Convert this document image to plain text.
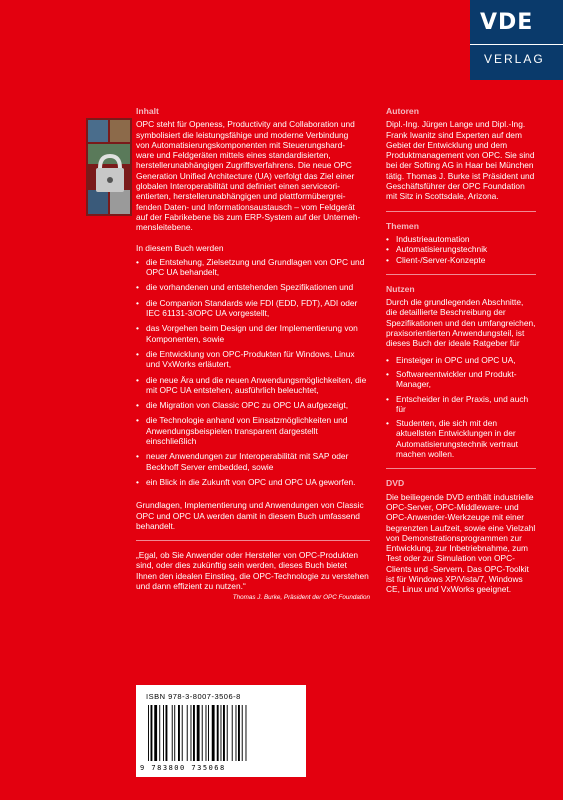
VDE
VERLAG
Inhalt

OPC steht für Openess, Productivity and Collaboration und

symbolisiert die leistungsfähige und moderne Verbindung

von Automatisierungskomponenten mit Steuerungshard-

ware und Feldgeräten mittels eines standardisierten,

herstellerunabhängigen Zugriffsverfahrens. Die neue OPC

Generation Unified Architecture (UA) verfolgt das Ziel einer

globalen Interoperabilität und definiert einen serviceori-

entierten, herstellerunabhängigen und plattformübergrei-

fenden Daten- und Informationsaustausch – vom Feldgerät

auf der Fabrikebene bis zum ERP-System auf der Unterneh-

mensleitebene.

In diesem Buch werden

• die Entstehung, Zielsetzung und Grundlagen von OPC und OPC UA behandelt,
• die vorhandenen und entstehenden Spezifikationen und
• die Companion Standards wie FDI (EDD, FDT), ADI oder IEC 61131-3/OPC UA vorgestellt,
• das Vorgehen beim Design und der Implementierung von Komponenten, sowie
• die Entwicklung von OPC-Produkten für Windows, Linux und VxWorks erläutert,
• die neue Ära und die neuen Anwendungsmöglichkeiten, die mit OPC UA entstehen, ausführlich beleuchtet,
• die Migration von Classic OPC zu OPC UA aufgezeigt,
• die Technologie anhand von Einsatzmöglichkeiten und Anwendungsbeispielen transparent dargestellt einschließlich
• neuer Anwendungen zur Interoperabilität mit SAP oder Beckhoff Server embedded, sowie
• ein Blick in die Zukunft von OPC und OPC UA geworfen.

Grundlagen, Implementierung und Anwendungen von Classic OPC und OPC UA werden damit in diesem Buch umfassend behandelt.

„Egal, ob Sie Anwender oder Hersteller von OPC-Produkten sind, oder dies zukünftig sein werden, dieses Buch bietet Ihnen den idealen Einstieg, die OPC-Technologie zu verstehen und dann effizient zu nutzen.“

Thomas J. Burke, Präsident der OPC Foundation
Autoren

Dipl.-Ing. Jürgen Lange und Dipl.-Ing. Frank Iwanitz sind Experten auf dem Gebiet der Entwicklung und dem Produktmanagement von OPC. Sie sind bei der Softing AG in Haar bei München tätig. Thomas J. Burke ist Präsident und Geschäftsführer der OPC Foundation mit Sitz in Scottsdale, Arizona.

Themen
• Industrieautomation
• Automatisierungstechnik
• Client-/Server-Konzepte
Nutzen

Durch die grundlegenden Abschnitte, die detaillierte Beschreibung der Spezifikationen und den umfangreichen, praxisorientierten Anwendungsteil, ist dieses Buch der ideale Ratgeber für

• Einsteiger in OPC und OPC UA,
• Softwareentwickler und Produkt-Manager,
• Entscheider in der Praxis, und auch für
• Studenten, die sich mit den aktuellsten Entwicklungen in der Automatisierungstechnik vertraut machen wollen.
DVD

Die beiliegende DVD enthält industrielle OPC-Server, OPC-Middleware- und OPC-Anwender-Werkzeuge mit einer begrenzten Laufzeit, sowie eine Vielzahl von Demonstrationsprogrammen zur Entwicklung, zur Inbetriebnahme, zum Test oder zur Simulation von OPC-Clients und -Servern. Das OPC-Toolkit ist für Windows XP/Vista/7, Windows CE, Linux und VxWorks geeignet.

ISBN 978-3-8007-3506-8
9 783800 735068
